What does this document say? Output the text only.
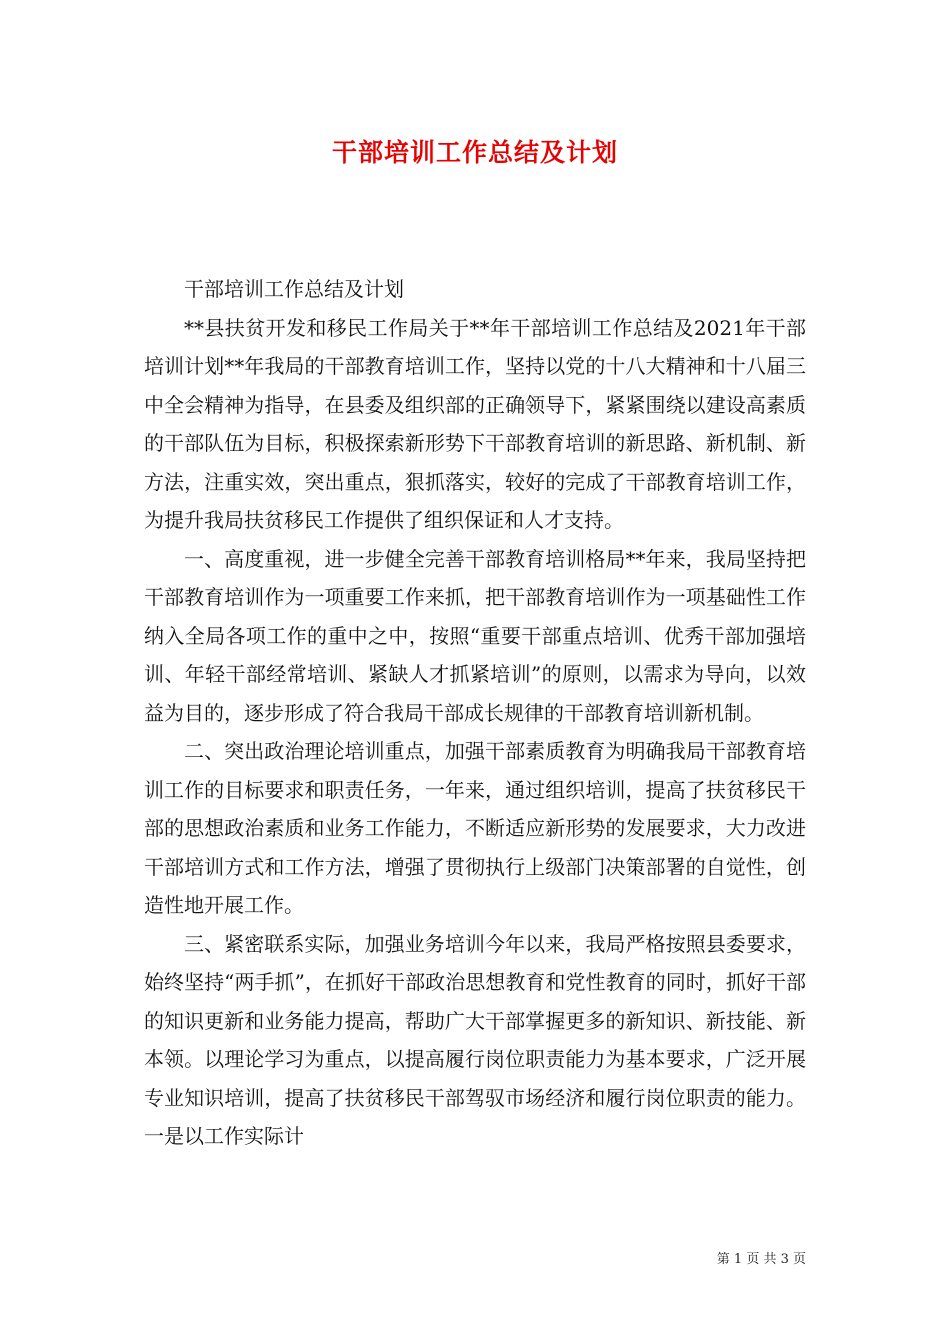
干部培训工作总结及计划

干部培训工作总结及计划

**县扶贫开发和移民工作局关于**年干部培训工作总结及2021年干部培训计划**年我局的干部教育培训工作，坚持以党的十八大精神和十八届三中全会精神为指导，在县委及组织部的正确领导下，紧紧围绕以建设高素质的干部队伍为目标，积极探索新形势下干部教育培训的新思路、新机制、新方法，注重实效，突出重点，狠抓落实，较好的完成了干部教育培训工作，为提升我局扶贫移民工作提供了组织保证和人才支持。

一、高度重视，进一步健全完善干部教育培训格局**年来，我局坚持把干部教育培训作为一项重要工作来抓，把干部教育培训作为一项基础性工作纳入全局各项工作的重中之中，按照“重要干部重点培训、优秀干部加强培训、年轻干部经常培训、紧缺人才抓紧培训”的原则，以需求为导向，以效益为目的，逐步形成了符合我局干部成长规律的干部教育培训新机制。

二、突出政治理论培训重点，加强干部素质教育为明确我局干部教育培训工作的目标要求和职责任务，一年来，通过组织培训，提高了扶贫移民干部的思想政治素质和业务工作能力，不断适应新形势的发展要求，大力改进干部培训方式和工作方法，增强了贯彻执行上级部门决策部署的自觉性，创造性地开展工作。

三、紧密联系实际，加强业务培训今年以来，我局严格按照县委要求，始终坚持“两手抓”，在抓好干部政治思想教育和党性教育的同时，抓好干部的知识更新和业务能力提高，帮助广大干部掌握更多的新知识、新技能、新本领。以理论学习为重点，以提高履行岗位职责能力为基本要求，广泛开展专业知识培训，提高了扶贫移民干部驾驭市场经济和履行岗位职责的能力。一是以工作实际计

第 1 页 共 3 页
